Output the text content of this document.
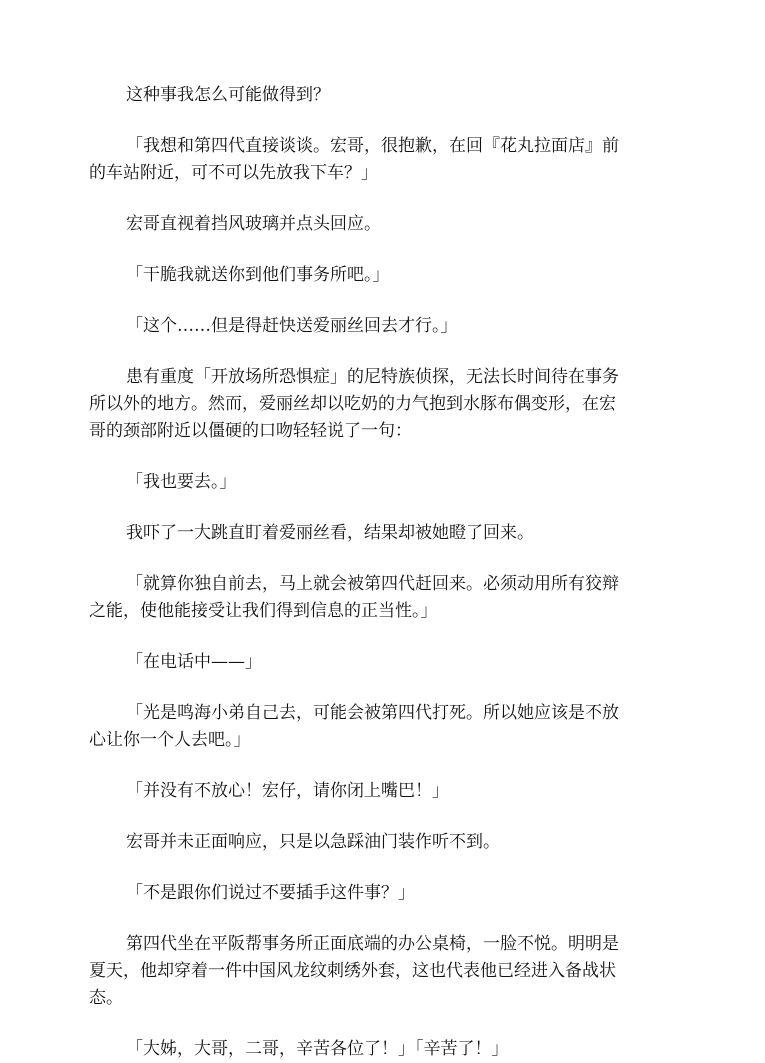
这种事我怎么可能做得到？

「我想和第四代直接谈谈。宏哥，很抱歉，在回『花丸拉面店』前
的车站附近，可不可以先放我下车？」

宏哥直视着挡风玻璃并点头回应。

「干脆我就送你到他们事务所吧。」

「这个……但是得赶快送爱丽丝回去才行。」

患有重度「开放场所恐惧症」的尼特族侦探，无法长时间待在事务
所以外的地方。然而，爱丽丝却以吃奶的力气抱到水豚布偶变形，在宏
哥的颈部附近以僵硬的口吻轻轻说了一句：

「我也要去。」

我吓了一大跳直盯着爱丽丝看，结果却被她瞪了回来。

「就算你独自前去，马上就会被第四代赶回来。必须动用所有狡辩
之能，使他能接受让我们得到信息的正当性。」

「在电话中——」

「光是鸣海小弟自己去，可能会被第四代打死。所以她应该是不放
心让你一个人去吧。」

「并没有不放心！宏仔，请你闭上嘴巴！」

宏哥并未正面响应，只是以急踩油门装作听不到。

「不是跟你们说过不要插手这件事？」

第四代坐在平阪帮事务所正面底端的办公桌椅，一脸不悦。明明是
夏天，他却穿着一件中国风龙纹刺绣外套，这也代表他已经进入备战状
态。

「大姊，大哥，二哥，辛苦各位了！」「辛苦了！」
